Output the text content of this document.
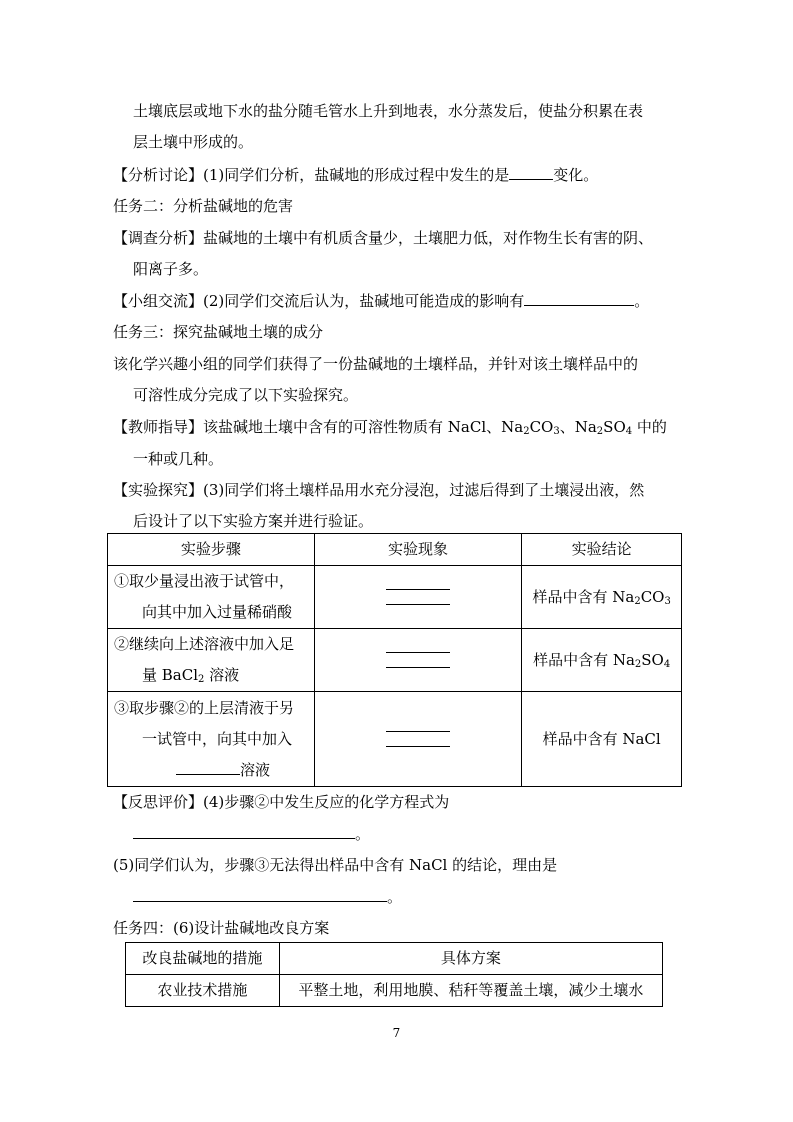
土壤底层或地下水的盐分随毛管水上升到地表，水分蒸发后，使盐分积累在表
层土壤中形成的。
【分析讨论】(1)同学们分析，盐碱地的形成过程中发生的是	变化。
任务二：分析盐碱地的危害
【调查分析】盐碱地的土壤中有机质含量少，土壤肥力低，对作物生长有害的阴、
阳离子多。
【小组交流】(2)同学们交流后认为，盐碱地可能造成的影响有	。
任务三：探究盐碱地土壤的成分
该化学兴趣小组的同学们获得了一份盐碱地的土壤样品，并针对该土壤样品中的
可溶性成分完成了以下实验探究。
【教师指导】该盐碱地土壤中含有的可溶性物质有 NaCl、$Na_2CO_3$、$Na_2SO_4$ 中的
一种或几种。
【实验探究】(3)同学们将土壤样品用水充分浸泡，过滤后得到了土壤浸出液，然
后设计了以下实验方案并进行验证。
实验步骤	实验现象	实验结论

①取少量浸出液于试管中，
向其中加入过量稀硝酸		样品中含有 $Na_2CO_3$

②继续向上述溶液中加入足
量 BaCl$_2$ 溶液		样品中含有 $Na_2SO_4$

③取步骤②的上层清液于另
一试管中，向其中加入
溶液		样品中含有 NaCl
【反思评价】(4)步骤②中发生反应的化学方程式为
。
(5)同学们认为，步骤③无法得出样品中含有 NaCl 的结论，理由是
。
任务四：(6)设计盐碱地改良方案
改良盐碱地的措施	具体方案
农业技术措施	平整土地，利用地膜、秸秆等覆盖土壤，减少土壤水
7
